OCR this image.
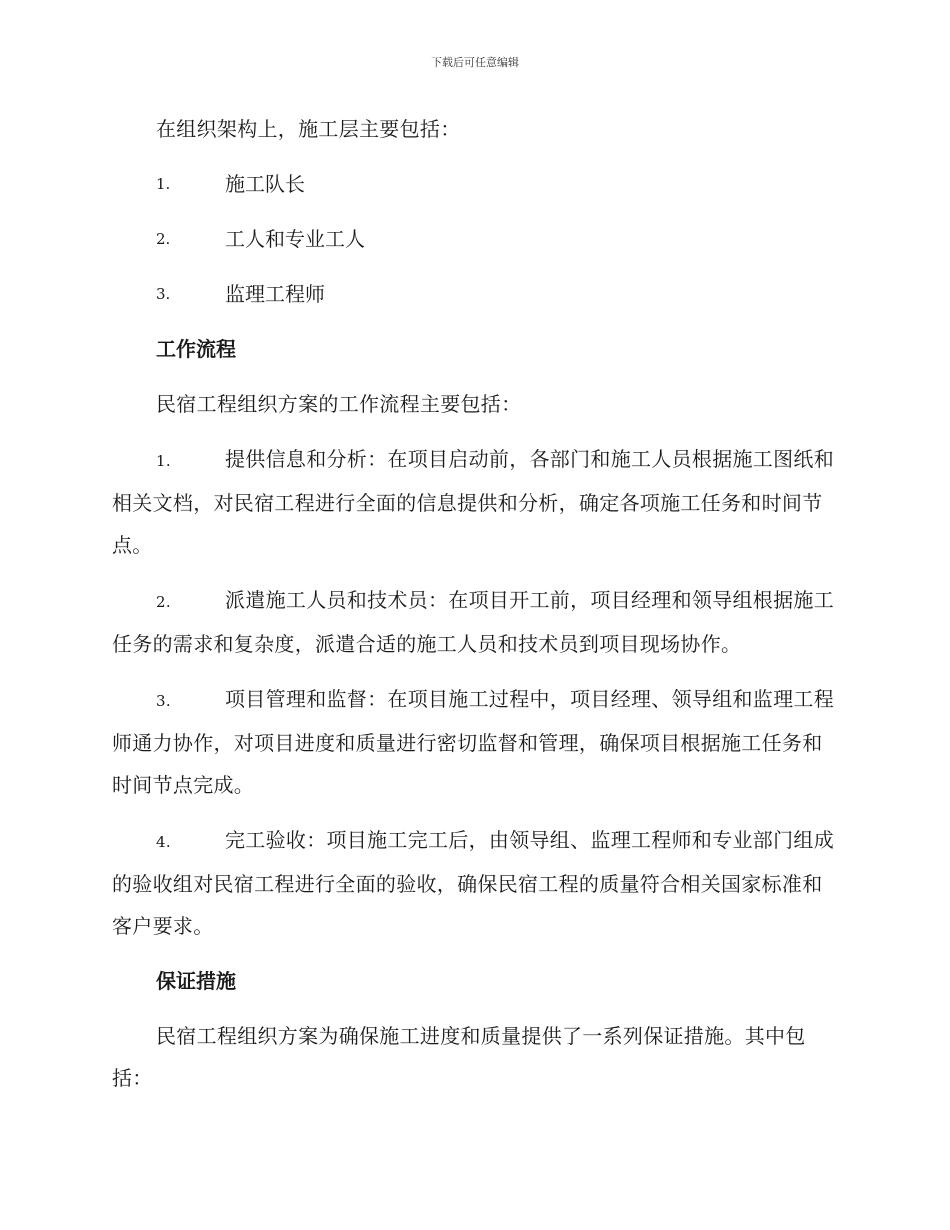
下载后可任意编辑

在组织架构上，施工层主要包括：

1.	施工队长
2.	工人和专业工人
3.	监理工程师
工作流程

民宿工程组织方案的工作流程主要包括：

1.	提供信息和分析：在项目启动前，各部门和施工人员根据施工图纸和相关文档，对民宿工程进行全面的信息提供和分析，确定各项施工任务和时间节点。
2.	派遣施工人员和技术员：在项目开工前，项目经理和领导组根据施工任务的需求和复杂度，派遣合适的施工人员和技术员到项目现场协作。
3.	项目管理和监督：在项目施工过程中，项目经理、领导组和监理工程师通力协作，对项目进度和质量进行密切监督和管理，确保项目根据施工任务和时间节点完成。
4.	完工验收：项目施工完工后，由领导组、监理工程师和专业部门组成的验收组对民宿工程进行全面的验收，确保民宿工程的质量符合相关国家标准和客户要求。
保证措施

民宿工程组织方案为确保施工进度和质量提供了一系列保证措施。其中包括：
